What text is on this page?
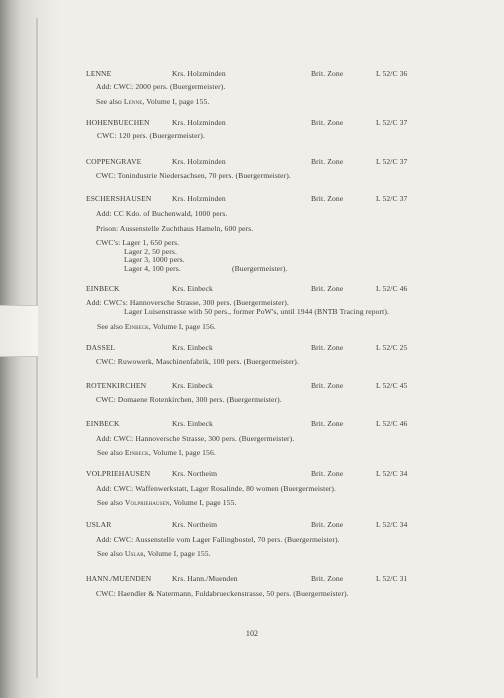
LENNE	Krs. Holzminden	Brit. Zone	L 52/C 36
Add: CWC: 2000 pers. (Buergermeister).
See also Lenne, Volume I, page 155.
HOHENBUECHEN	Krs. Holzminden	Brit. Zone	L 52/C 37
CWC: 120 pers. (Buergermeister).
COPPENGRAVE	Krs. Holzminden	Brit. Zone	L 52/C 37
CWC: Tonindustrie Niedersachsen, 70 pers. (Buergermeister).
ESCHERSHAUSEN	Krs. Holzminden	Brit. Zone	L 52/C 37
Add: CC Kdo. of Buchenwald, 1000 pers.
Prison: Aussenstelle Zuchthaus Hameln, 600 pers.
CWC's: Lager 1, 650 pers.
Lager 2, 50 pers.
Lager 3, 1000 pers.
Lager 4, 100 pers.	(Buergermeister).
EINBECK	Krs. Einbeck	Brit. Zone	L 52/C 46
Add: CWC's: Hannoversche Strasse, 300 pers. (Buergermeister).
Lager Luisenstrasse with 50 pers., former PoW's, until 1944 (BNTB Tracing report).
See also Einbeck, Volume I, page 156.
DASSEL	Krs. Einbeck	Brit. Zone	L 52/C 25
CWC: Ruwowerk, Maschinenfabrik, 100 pers. (Buergermeister).
ROTENKIRCHEN	Krs. Einbeck	Brit. Zone	L 52/C 45
CWC: Domaene Rotenkirchen, 300 pers. (Buergermeister).
EINBECK	Krs. Einbeck	Brit. Zone	L 52/C 46
Add: CWC: Hannoversche Strasse, 300 pers. (Buergermeister).
See also Einbeck, Volume I, page 156.
VOLPRIEHAUSEN	Krs. Northeim	Brit. Zone	L 52/C 34
Add: CWC: Waffenwerkstatt, Lager Rosalinde, 80 women (Buergermeister).
See also Volpriehausen, Volume I, page 155.
USLAR	Krs. Northeim	Brit. Zone	L 52/C 34
Add: CWC: Aussenstelle vom Lager Fallingbostel, 70 pers. (Buergermeister).
See also Uslar, Volume I, page 155.
HANN./MUENDEN	Krs. Hann./Muenden	Brit. Zone	L 52/C 31
CWC: Haendler & Natermann, Fuldabrueckenstrasse, 50 pers. (Buergermeister).
102
